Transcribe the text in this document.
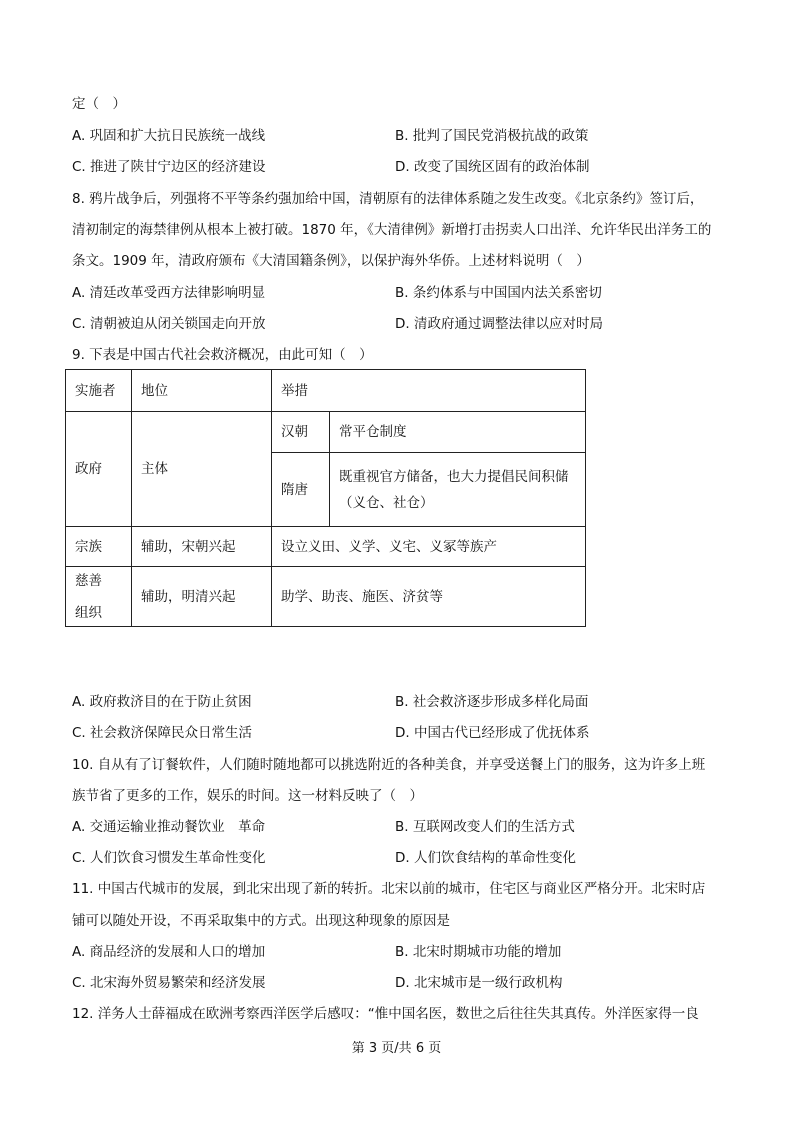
定（　）
A. 巩固和扩大抗日民族统一战线	B. 批判了国民党消极抗战的政策
C. 推进了陕甘宁边区的经济建设	D. 改变了国统区固有的政治体制
8. 鸦片战争后，列强将不平等条约强加给中国，清朝原有的法律体系随之发生改变。《北京条约》签订后，
清初制定的海禁律例从根本上被打破。1870 年，《大清律例》新增打击拐卖人口出洋、允许华民出洋务工的
条文。1909 年，清政府颁布《大清国籍条例》，以保护海外华侨。上述材料说明（　）
A. 清廷改革受西方法律影响明显	B. 条约体系与中国国内法关系密切
C. 清朝被迫从闭关锁国走向开放	D. 清政府通过调整法律以应对时局
9. 下表是中国古代社会救济概况，由此可知（　）
实施者	地位	举措	
政府	主体	汉朝	常平仓制度
		隋唐	既重视官方储备，也大力提倡民间积储
（义仓、社仓）

宗族	辅助，宋朝兴起	设立义田、义学、义宅、义冢等族产	

慈善
组织	辅助，明清兴起	助学、助丧、施医、济贫等	
A. 政府救济目的在于防止贫困	B. 社会救济逐步形成多样化局面
C. 社会救济保障民众日常生活	D. 中国古代已经形成了优抚体系
10. 自从有了订餐软件，人们随时随地都可以挑选附近的各种美食，并享受送餐上门的服务，这为许多上班
族节省了更多的工作，娱乐的时间。这一材料反映了（　）
A. 交通运输业推动餐饮业　革命	B. 互联网改变人们的生活方式
C. 人们饮食习惯发生革命性变化	D. 人们饮食结构的革命性变化
11. 中国古代城市的发展，到北宋出现了新的转折。北宋以前的城市，住宅区与商业区严格分开。北宋时店
铺可以随处开设，不再采取集中的方式。出现这种现象的原因是
A. 商品经济的发展和人口的增加	B. 北宋时期城市功能的增加
C. 北宋海外贸易繁荣和经济发展	D. 北宋城市是一级行政机构
12. 洋务人士薛福成在欧洲考察西洋医学后感叹：“惟中国名医，数世之后往往失其真传。外洋医家得一良
第 3 页/共 6 页
